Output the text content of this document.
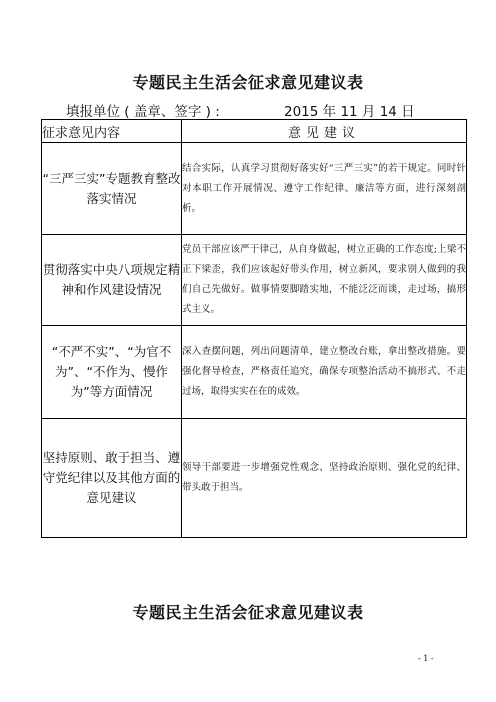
专题民主生活会征求意见建议表
填报单位 ( 盖章、签字 ) :	2015 年 11 月 14 日
征求意见内容	意见建议
“三严三实”专题教育整改落实情况	结合实际，认真学习贯彻好落实好“三严三实”的若干规定。同时针对本职工作开展情况、遵守工作纪律、廉洁等方面，进行深刻剖析。
贯彻落实中央八项规定精神和作风建设情况	党员干部应该严于律己，从自身做起，树立正确的工作态度;上梁不正下梁歪，我们应该起好带头作用，树立新风，要求别人做到的我们自己先做好。做事情要脚踏实地，不能泛泛而谈，走过场，搞形式主义。
“不严不实”、“为官不为”、“不作为、慢作为”等方面情况	深入查摆问题，列出问题清单，建立整改台账，拿出整改措施。要强化督导检查，严格责任追究，确保专项整治活动不搞形式、不走过场，取得实实在在的成效。
坚持原则、敢于担当、遵守党纪律以及其他方面的意见建议	领导干部要进一步增强党性观念、坚持政治原则、强化党的纪律、带头敢于担当。
专题民主生活会征求意见建议表
- 1 -
